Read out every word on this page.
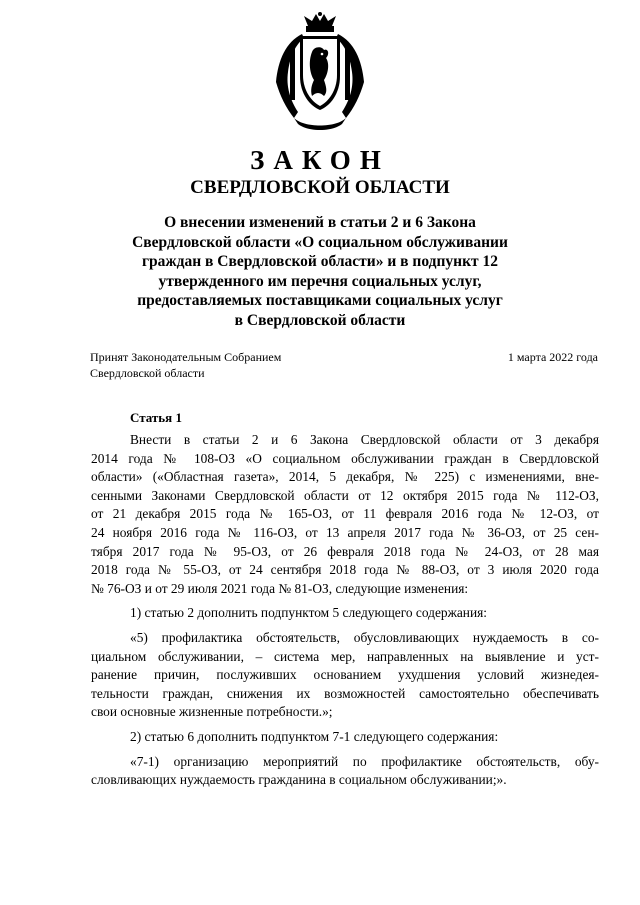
ЗАКОН
СВЕРДЛОВСКОЙ ОБЛАСТИ
О внесении изменений в статьи 2 и 6 Закона
Свердловской области «О социальном обслуживании
граждан в Свердловской области» и в подпункт 12
утвержденного им перечня социальных услуг,
предоставляемых поставщиками социальных услуг
в Свердловской области
Принят Законодательным Собранием
Свердловской области
1 марта 2022 года
Статья 1
Внести в статьи 2 и 6 Закона Свердловской области от 3 декабря
2014 года № 108-ОЗ «О социальном обслуживании граждан в Свердловской
области» («Областная газета», 2014, 5 декабря, № 225) с изменениями, вне-
сенными Законами Свердловской области от 12 октября 2015 года № 112-ОЗ,
от 21 декабря 2015 года № 165-ОЗ, от 11 февраля 2016 года № 12-ОЗ, от
24 ноября 2016 года № 116-ОЗ, от 13 апреля 2017 года № 36-ОЗ, от 25 сен-
тября 2017 года № 95-ОЗ, от 26 февраля 2018 года № 24-ОЗ, от 28 мая
2018 года № 55-ОЗ, от 24 сентября 2018 года № 88-ОЗ, от 3 июля 2020 года
№ 76-ОЗ и от 29 июля 2021 года № 81-ОЗ, следующие изменения:
1) статью 2 дополнить подпунктом 5 следующего содержания:
«5) профилактика обстоятельств, обусловливающих нуждаемость в со-
циальном обслуживании, – система мер, направленных на выявление и уст-
ранение причин, послуживших основанием ухудшения условий жизнедея-
тельности граждан, снижения их возможностей самостоятельно обеспечивать
свои основные жизненные потребности.»;
2) статью 6 дополнить подпунктом 7-1 следующего содержания:
«7-1) организацию мероприятий по профилактике обстоятельств, обу-
словливающих нуждаемость гражданина в социальном обслуживании;».
